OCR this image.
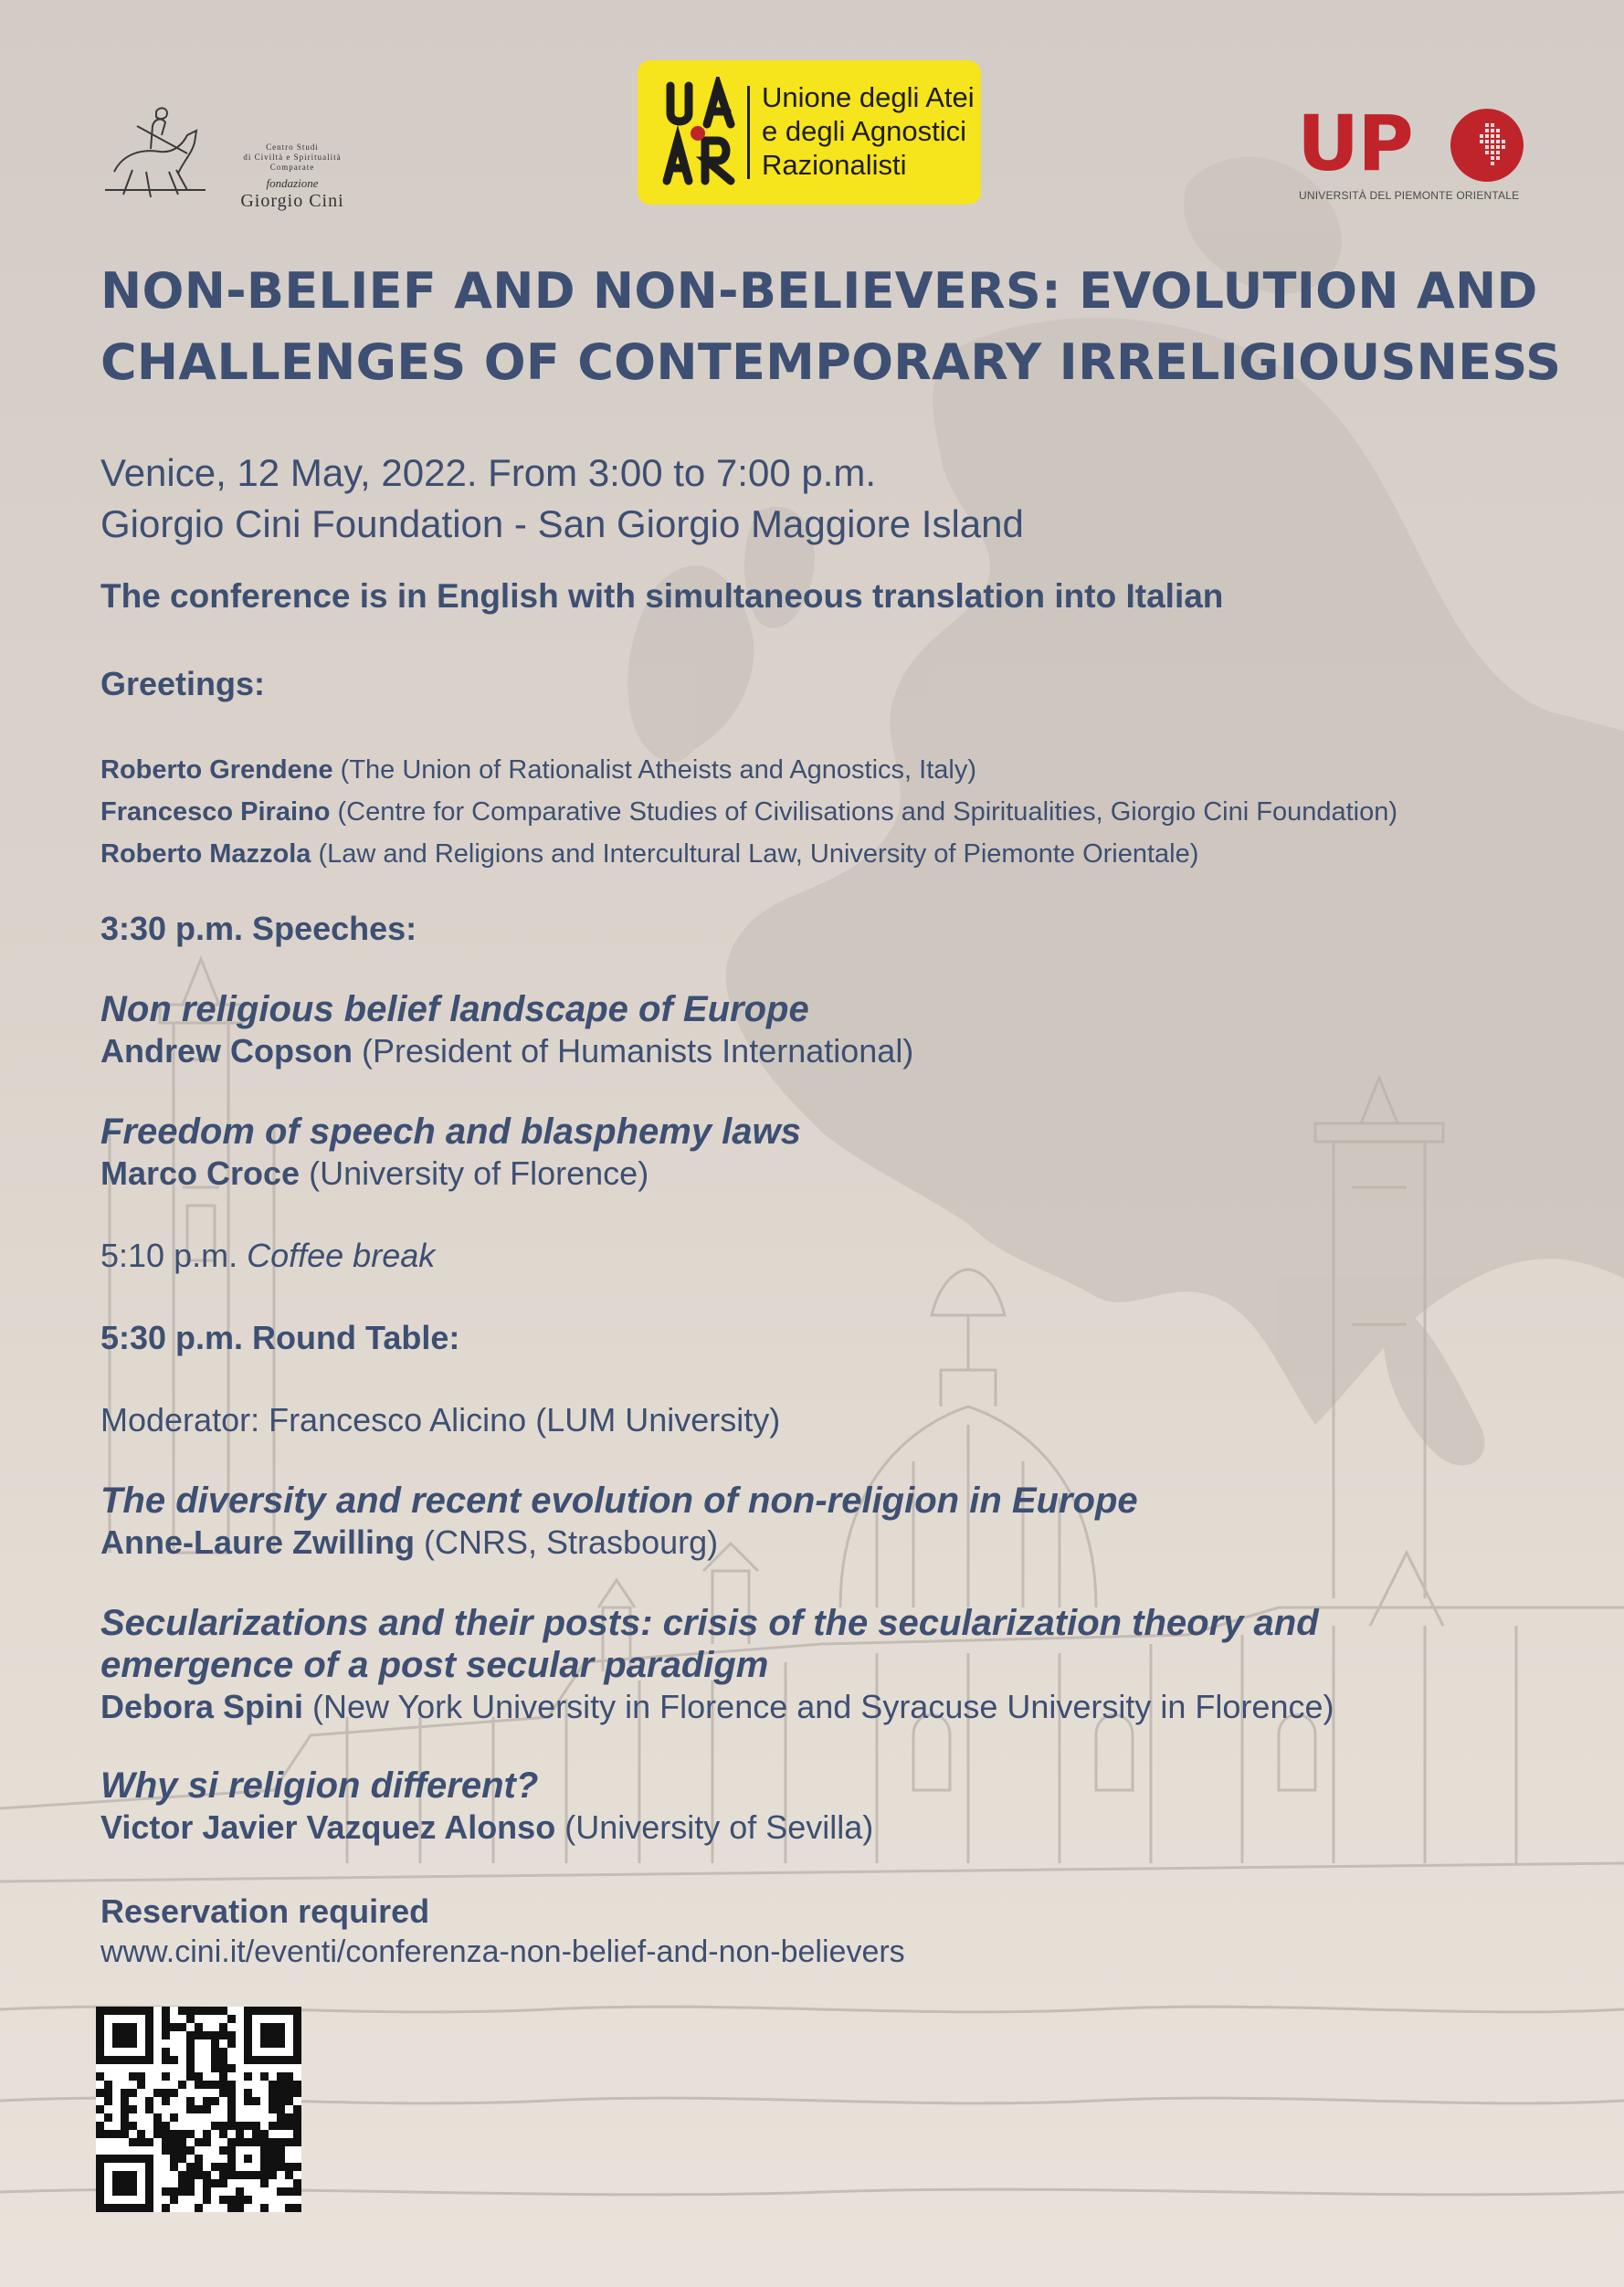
Centro Studi
di Civiltà e Spiritualità
Comparate
fondazione
Giorgio Cini
Unione degli Atei
e degli Agnostici
Razionalisti	UP
UNIVERSITÀ DEL PIEMONTE ORIENTALE
NON-BELIEF AND NON-BELIEVERS: EVOLUTION AND
CHALLENGES OF CONTEMPORARY IRRELIGIOUSNESS
Venice, 12 May, 2022. From 3:00 to 7:00 p.m.
Giorgio Cini Foundation - San Giorgio Maggiore Island
The conference is in English with simultaneous translation into Italian
Greetings:
Roberto Grendene (The Union of Rationalist Atheists and Agnostics, Italy)
Francesco Piraino (Centre for Comparative Studies of Civilisations and Spiritualities, Giorgio Cini Foundation)
Roberto Mazzola (Law and Religions and Intercultural Law, University of Piemonte Orientale)
3:30 p.m. Speeches:
Non religious belief landscape of Europe
Andrew Copson (President of Humanists International)
Freedom of speech and blasphemy laws
Marco Croce (University of Florence)
5:10 p.m. Coffee break
5:30 p.m. Round Table:
Moderator: Francesco Alicino (LUM University)
The diversity and recent evolution of non-religion in Europe
Anne-Laure Zwilling (CNRS, Strasbourg)
Secularizations and their posts: crisis of the secularization theory and
emergence of a post secular paradigm
Debora Spini (New York University in Florence and Syracuse University in Florence)
Why si religion different?
Victor Javier Vazquez Alonso (University of Sevilla)
Reservation required
www.cini.it/eventi/conferenza-non-belief-and-non-believers
